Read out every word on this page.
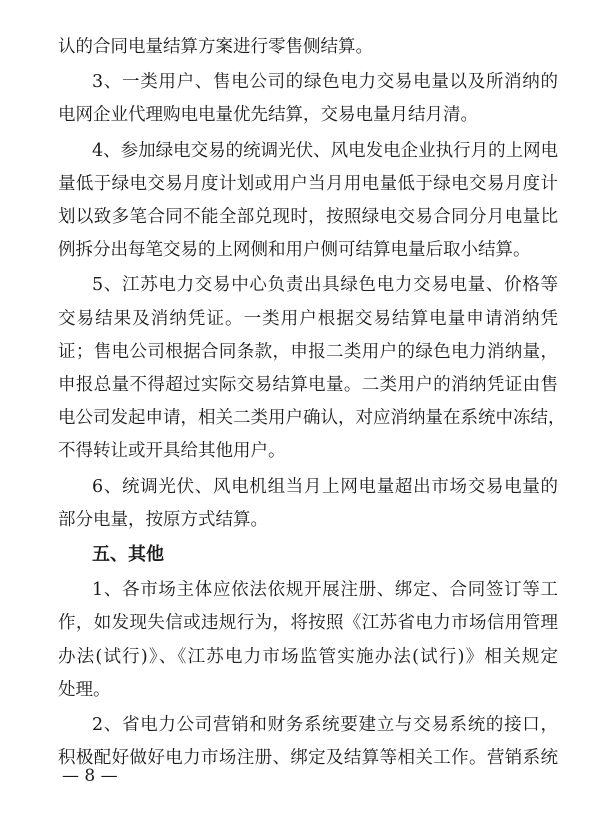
认的合同电量结算方案进行零售侧结算。
3、一类用户、售电公司的绿色电力交易电量以及所消纳的
电网企业代理购电电量优先结算，交易电量月结月清。
4、参加绿电交易的统调光伏、风电发电企业执行月的上网电
量低于绿电交易月度计划或用户当月用电量低于绿电交易月度计
划以致多笔合同不能全部兑现时，按照绿电交易合同分月电量比
例拆分出每笔交易的上网侧和用户侧可结算电量后取小结算。
5、江苏电力交易中心负责出具绿色电力交易电量、价格等
交易结果及消纳凭证。一类用户根据交易结算电量申请消纳凭
证；售电公司根据合同条款，申报二类用户的绿色电力消纳量，
申报总量不得超过实际交易结算电量。二类用户的消纳凭证由售
电公司发起申请，相关二类用户确认，对应消纳量在系统中冻结，
不得转让或开具给其他用户。
6、统调光伏、风电机组当月上网电量超出市场交易电量的
部分电量，按原方式结算。
五、其他
1、各市场主体应依法依规开展注册、绑定、合同签订等工
作，如发现失信或违规行为，将按照《江苏省电力市场信用管理
办法(试行)》、《江苏电力市场监管实施办法(试行)》相关规定
处理。
— 8 —
2、省电力公司营销和财务系统要建立与交易系统的接口，
积极配好做好电力市场注册、绑定及结算等相关工作。营销系统
